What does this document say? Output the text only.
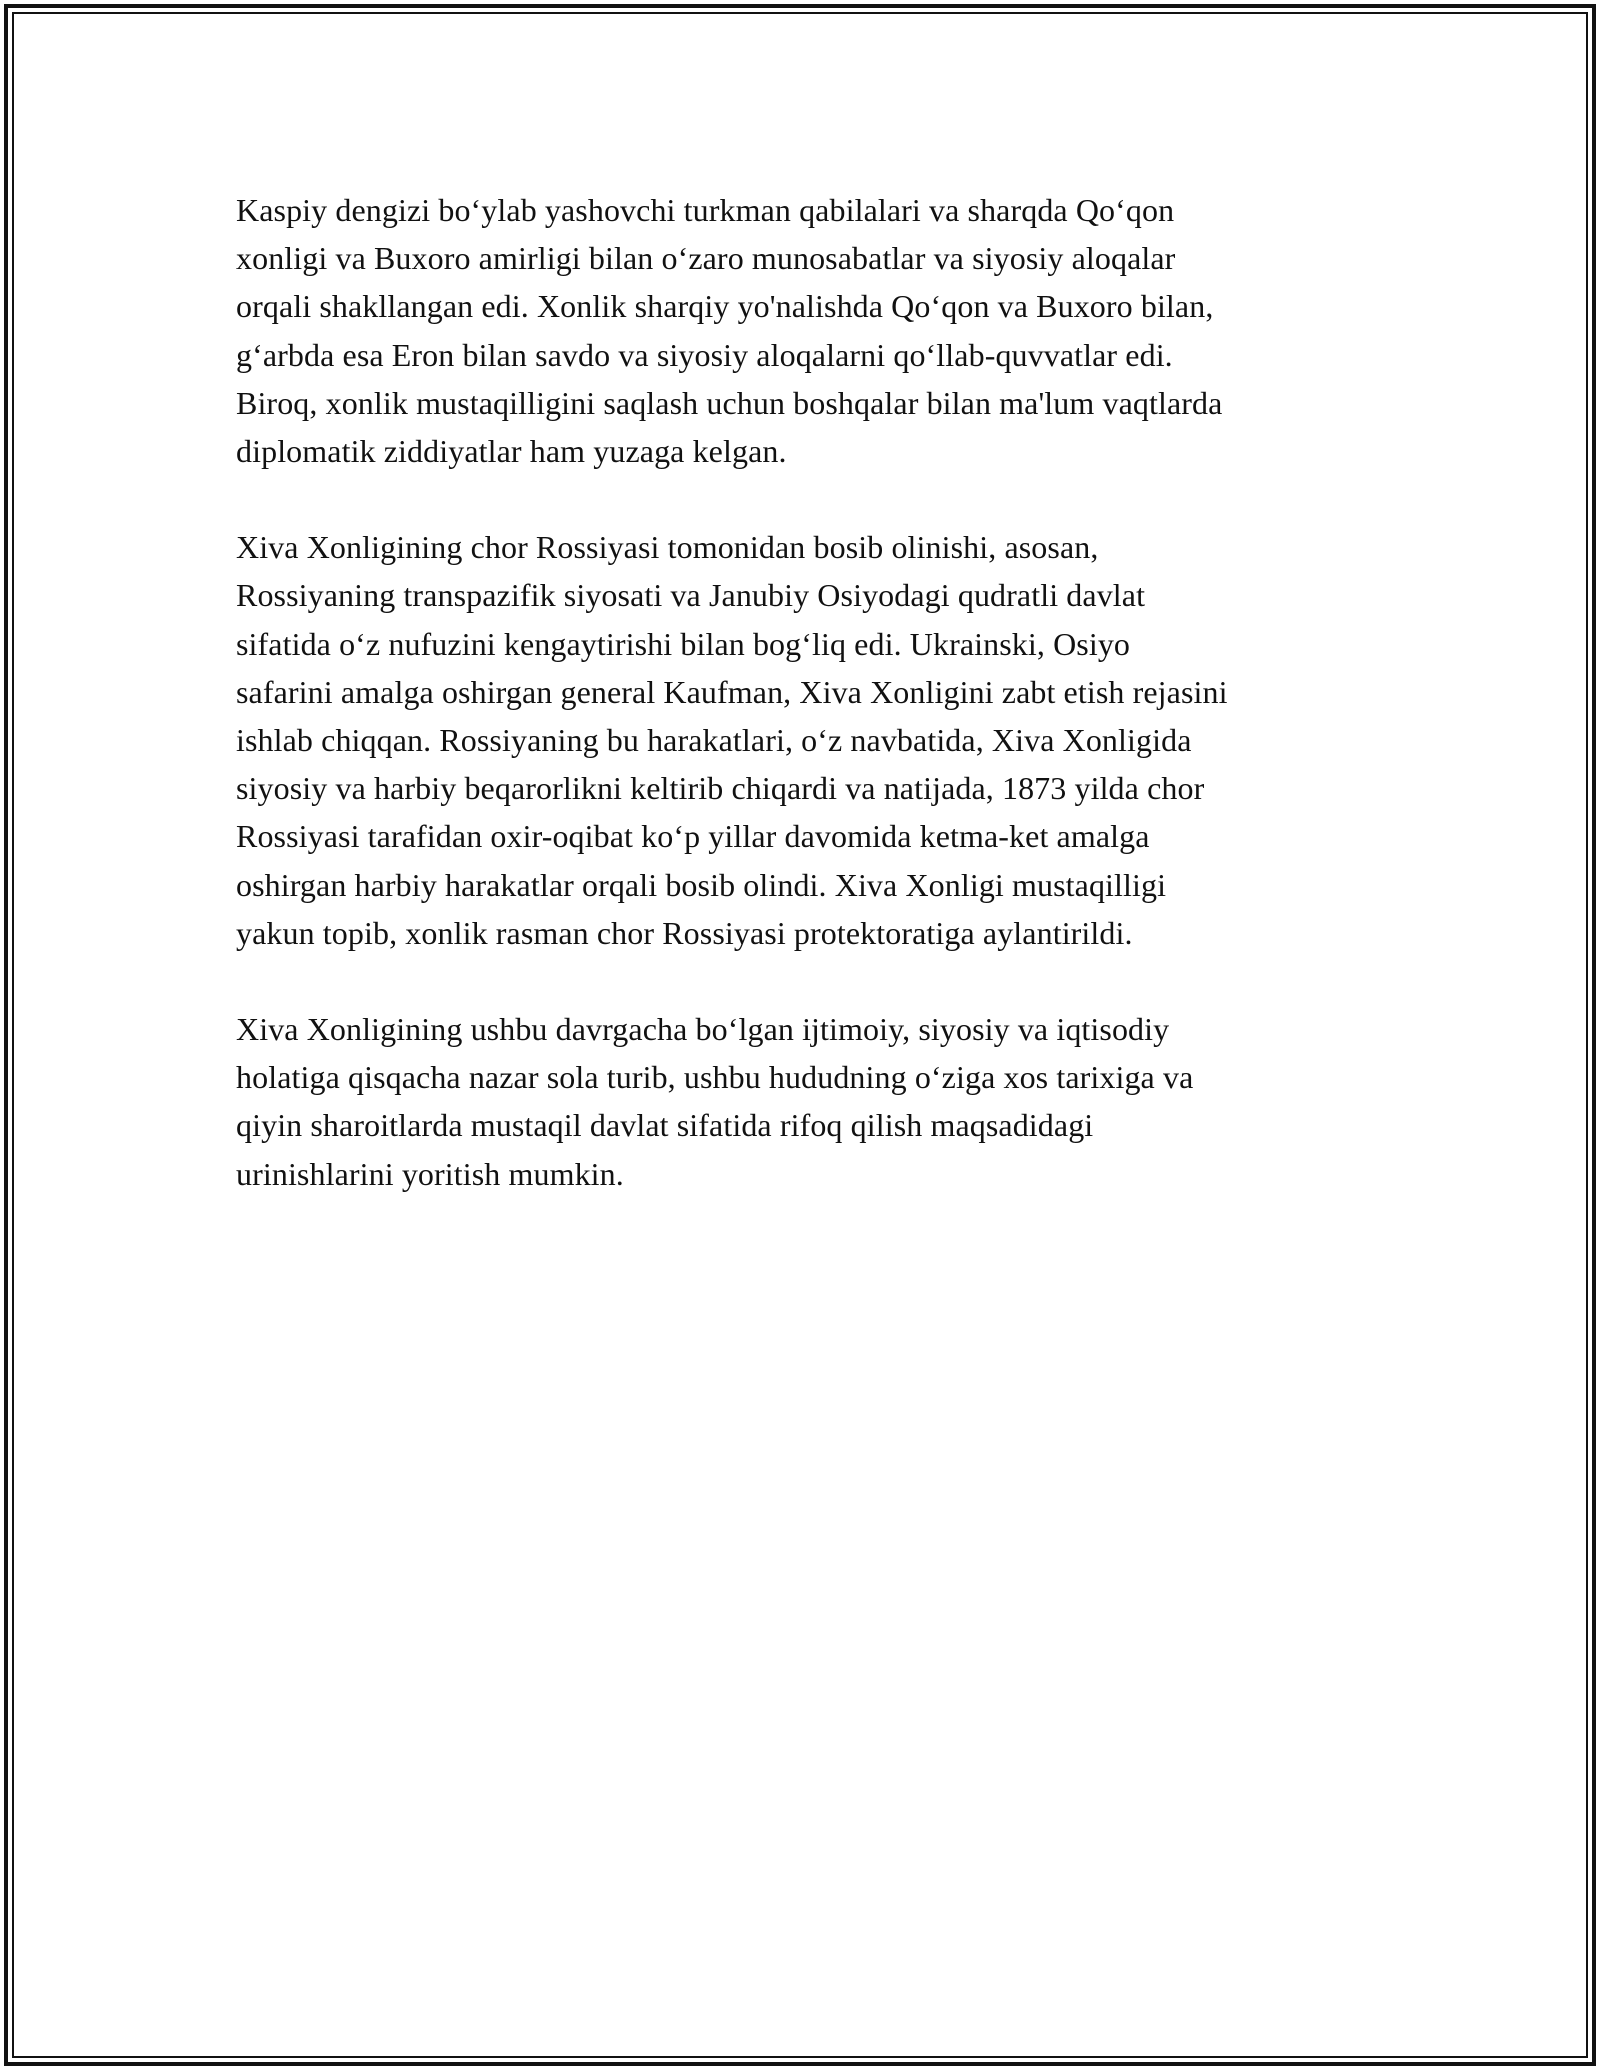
Kaspiy dengizi bo‘ylab yashovchi turkman qabilalari va sharqda Qo‘qon
xonligi va Buxoro amirligi bilan o‘zaro munosabatlar va siyosiy aloqalar
orqali shakllangan edi. Xonlik sharqiy yo'nalishda Qo‘qon va Buxoro bilan,
g‘arbda esa Eron bilan savdo va siyosiy aloqalarni qo‘llab-quvvatlar edi.
Biroq, xonlik mustaqilligini saqlash uchun boshqalar bilan ma'lum vaqtlarda
diplomatik ziddiyatlar ham yuzaga kelgan.

Xiva Xonligining chor Rossiyasi tomonidan bosib olinishi, asosan,
Rossiyaning transpazifik siyosati va Janubiy Osiyodagi qudratli davlat
sifatida o‘z nufuzini kengaytirishi bilan bog‘liq edi. Ukrainski, Osiyo
safarini amalga oshirgan general Kaufman, Xiva Xonligini zabt etish rejasini
ishlab chiqqan. Rossiyaning bu harakatlari, o‘z navbatida, Xiva Xonligida
siyosiy va harbiy beqarorlikni keltirib chiqardi va natijada, 1873 yilda chor
Rossiyasi tarafidan oxir-oqibat ko‘p yillar davomida ketma-ket amalga
oshirgan harbiy harakatlar orqali bosib olindi. Xiva Xonligi mustaqilligi
yakun topib, xonlik rasman chor Rossiyasi protektoratiga aylantirildi.

Xiva Xonligining ushbu davrgacha bo‘lgan ijtimoiy, siyosiy va iqtisodiy
holatiga qisqacha nazar sola turib, ushbu hududning o‘ziga xos tarixiga va
qiyin sharoitlarda mustaqil davlat sifatida rifoq qilish maqsadidagi
urinishlarini yoritish mumkin.
